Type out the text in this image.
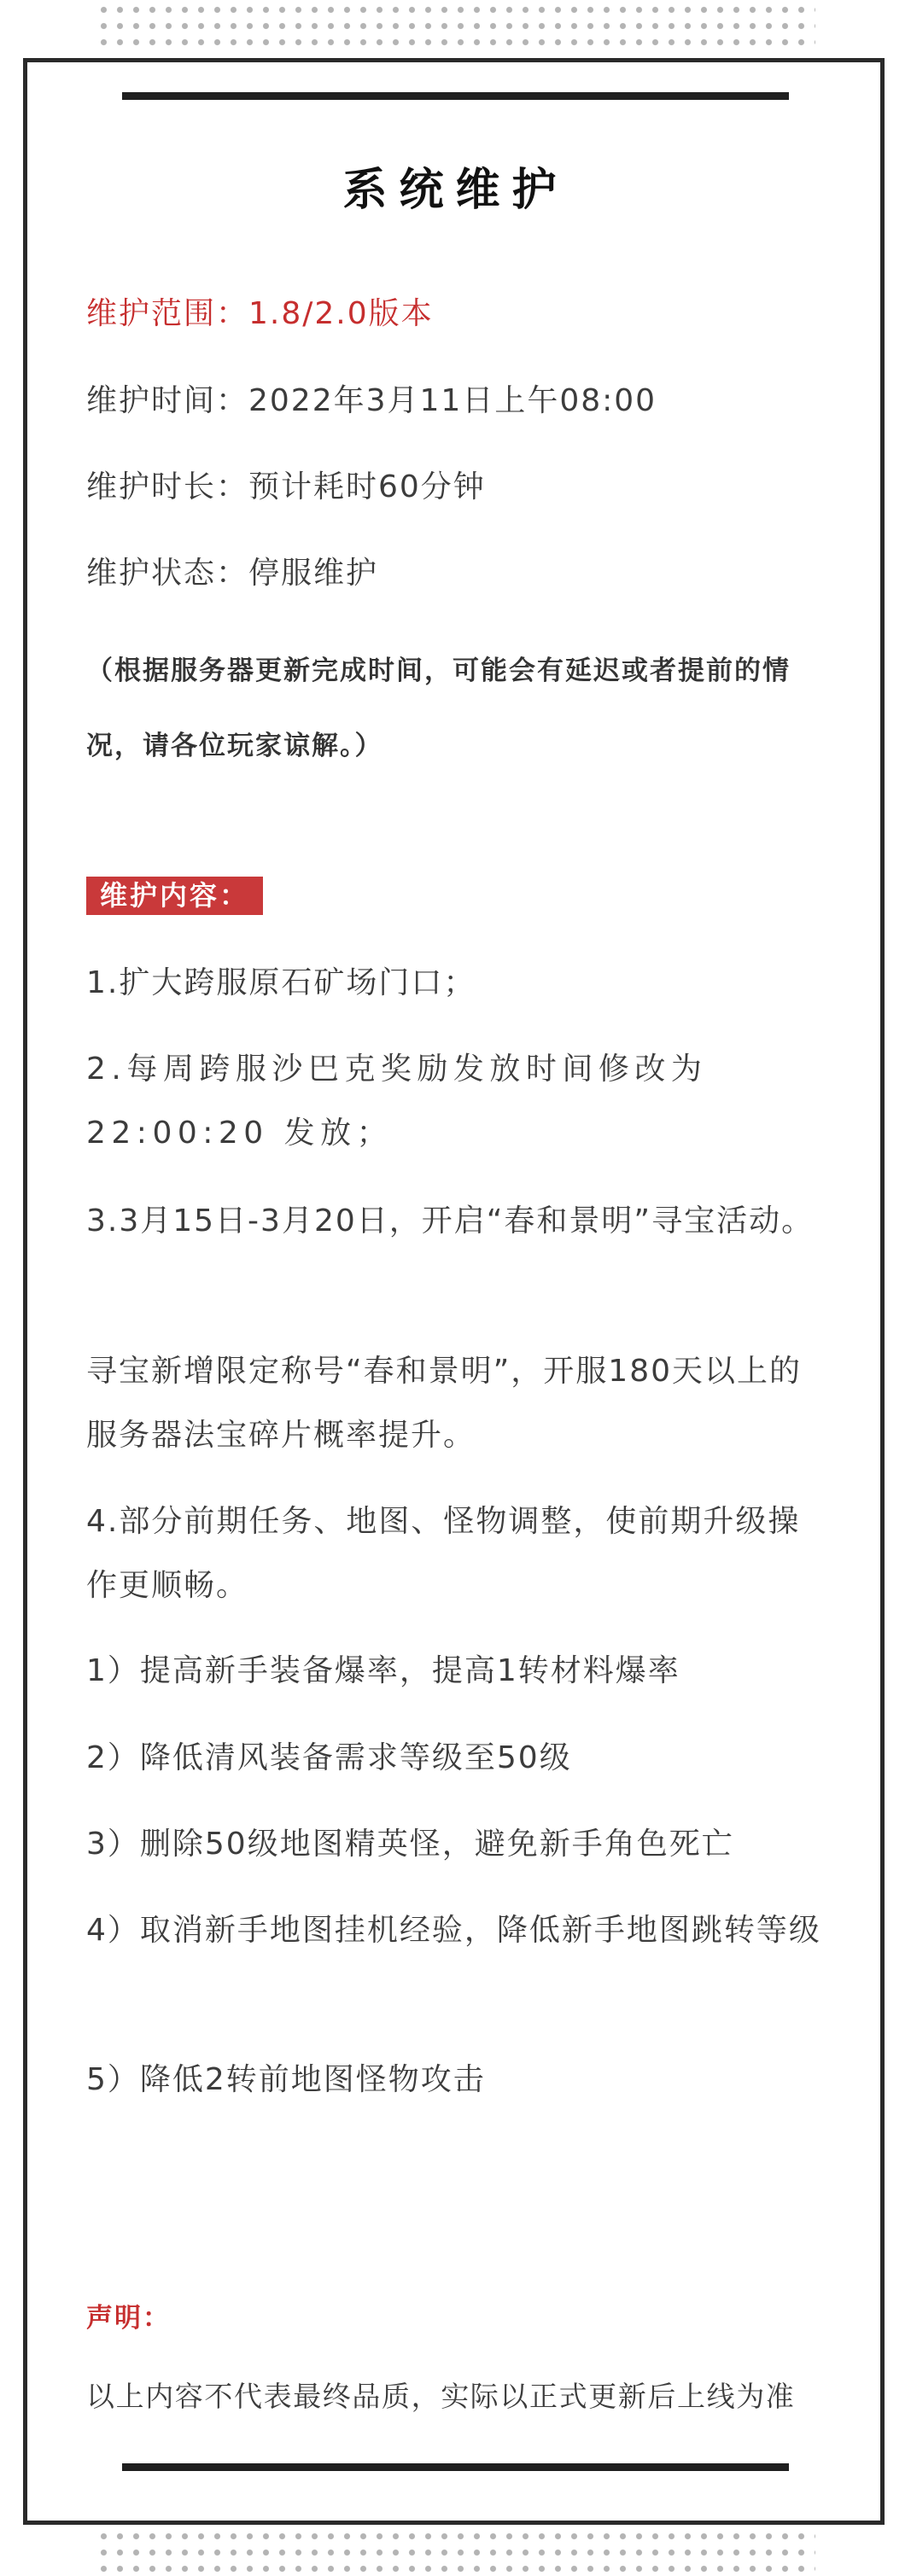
系统维护
维护范围：1.8/2.0版本
维护时间：2022年3月11日上午08:00
维护时长：预计耗时60分钟
维护状态：停服维护
（根据服务器更新完成时间，可能会有延迟或者提前的情况，请各位玩家谅解。）
维护内容：
1.扩大跨服原石矿场门口；
2.每周跨服沙巴克奖励发放时间修改为22:00:20 发放；
3.3月15日-3月20日，开启“春和景明”寻宝活动。
寻宝新增限定称号“春和景明”，开服180天以上的服务器法宝碎片概率提升。
4.部分前期任务、地图、怪物调整，使前期升级操作更顺畅。
1）提高新手装备爆率，提高1转材料爆率
2）降低清风装备需求等级至50级
3）删除50级地图精英怪，避免新手角色死亡
4）取消新手地图挂机经验，降低新手地图跳转等级
5）降低2转前地图怪物攻击
声明：
以上内容不代表最终品质，实际以正式更新后上线为准
